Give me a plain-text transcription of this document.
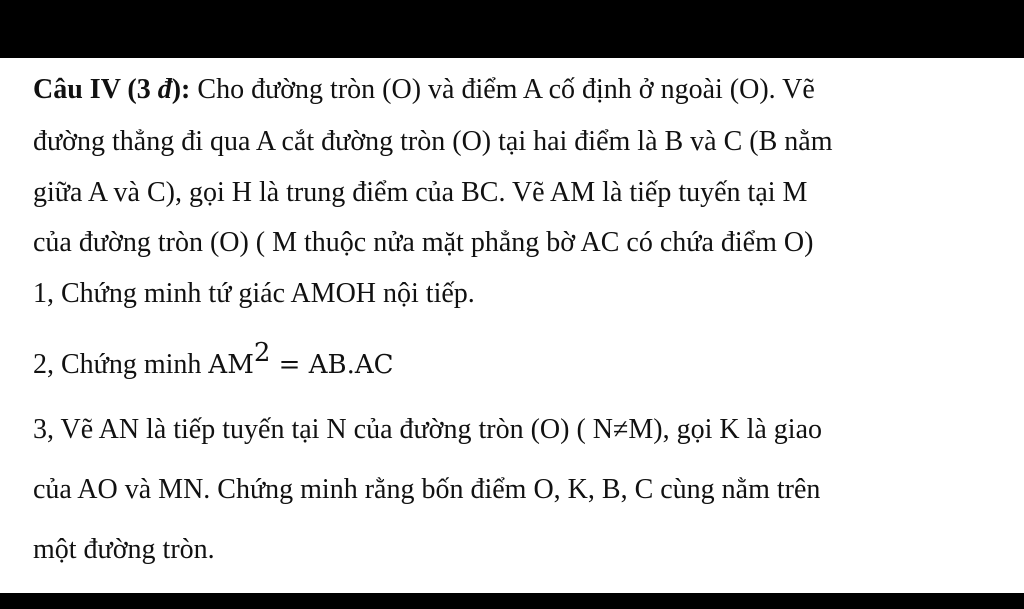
Câu IV (3 đ): Cho đường tròn (O) và điểm A cố định ở ngoài (O). Vẽ
đường thẳng đi qua A cắt đường tròn (O) tại hai điểm là B và C (B nằm
giữa A và C), gọi H là trung điểm của BC. Vẽ AM là tiếp tuyến tại M
của đường tròn (O) ( M thuộc nửa mặt phẳng bờ AC có chứa điểm O)
1, Chứng minh tứ giác AMOH nội tiếp.
2, Chứng minh $AM^2 = AB.AC$
3, Vẽ AN là tiếp tuyến tại N của đường tròn (O) ( N≠M), gọi K là giao
của AO và MN. Chứng minh rằng bốn điểm O, K, B, C cùng nằm trên
một đường tròn.
